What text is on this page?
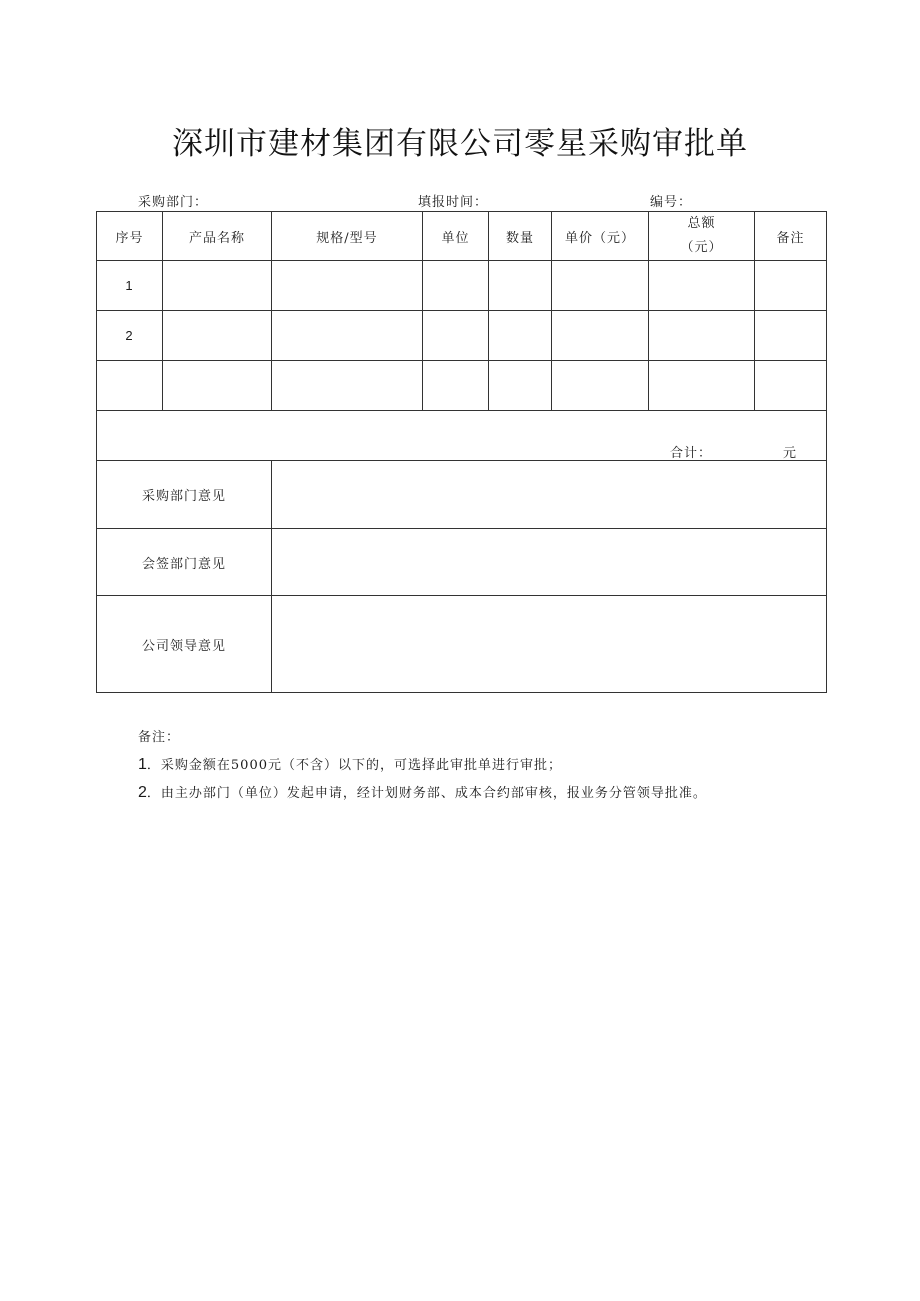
深圳市建材集团有限公司零星采购审批单
采购部门：	填报时间：	编号：
序号	产品名称	规格/型号	单位	数量	单价（元）	总额（元）	备注
1							
2							

合计： 元							

采购部门意见							
会签部门意见							
公司领导意见							
备注：
1．采购金额在5000元（不含）以下的，可选择此审批单进行审批；
2．由主办部门（单位）发起申请，经计划财务部、成本合约部审核，报业务分管领导批准。
